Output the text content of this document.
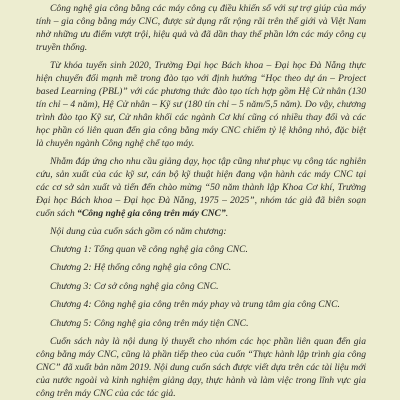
Công nghệ gia công bằng các máy công cụ điều khiển số với sự trợ giúp của máy tính – gia công bằng máy CNC, được sử dụng rất rộng rãi trên thế giới và Việt Nam nhờ những ưu điểm vượt trội, hiệu quả và đã dần thay thế phần lớn các máy công cụ truyền thống.

Từ khóa tuyển sinh 2020, Trường Đại học Bách khoa – Đại học Đà Nẵng thực hiện chuyển đổi mạnh mẽ trong đào tạo với định hướng “Học theo dự án – Project based Learning (PBL)” với các phương thức đào tạo tích hợp gồm Hệ Cử nhân (130 tín chỉ – 4 năm), Hệ Cử nhân – Kỹ sư (180 tín chỉ – 5 năm/5,5 năm). Do vậy, chương trình đào tạo Kỹ sư, Cử nhân khối các ngành Cơ khí cũng có nhiều thay đổi và các học phần có liên quan đến gia công bằng máy CNC chiếm tỷ lệ không nhỏ, đặc biệt là chuyên ngành Công nghệ chế tạo máy.

Nhằm đáp ứng cho nhu cầu giảng dạy, học tập cũng như phục vụ công tác nghiên cứu, sản xuất của các kỹ sư, cán bộ kỹ thuật hiện đang vận hành các máy CNC tại các cơ sở sản xuất và tiến đến chào mừng “50 năm thành lập Khoa Cơ khí, Trường Đại học Bách khoa – Đại học Đà Nẵng, 1975 – 2025”, nhóm tác giả đã biên soạn cuốn sách “Công nghệ gia công trên máy CNC”.

Nội dung của cuốn sách gồm có năm chương:

Chương 1: Tổng quan về công nghệ gia công CNC.

Chương 2: Hệ thống công nghệ gia công CNC.

Chương 3: Cơ sở công nghệ gia công CNC.

Chương 4: Công nghệ gia công trên máy phay và trung tâm gia công CNC.

Chương 5: Công nghệ gia công trên máy tiện CNC.

Cuốn sách này là nội dung lý thuyết cho nhóm các học phần liên quan đến gia công bằng máy CNC, cũng là phần tiếp theo của cuốn “Thực hành lập trình gia công CNC” đã xuất bản năm 2019. Nội dung cuốn sách được viết dựa trên các tài liệu mới của nước ngoài và kinh nghiệm giảng dạy, thực hành và làm việc trong lĩnh vực gia công trên máy CNC của các tác giả.
